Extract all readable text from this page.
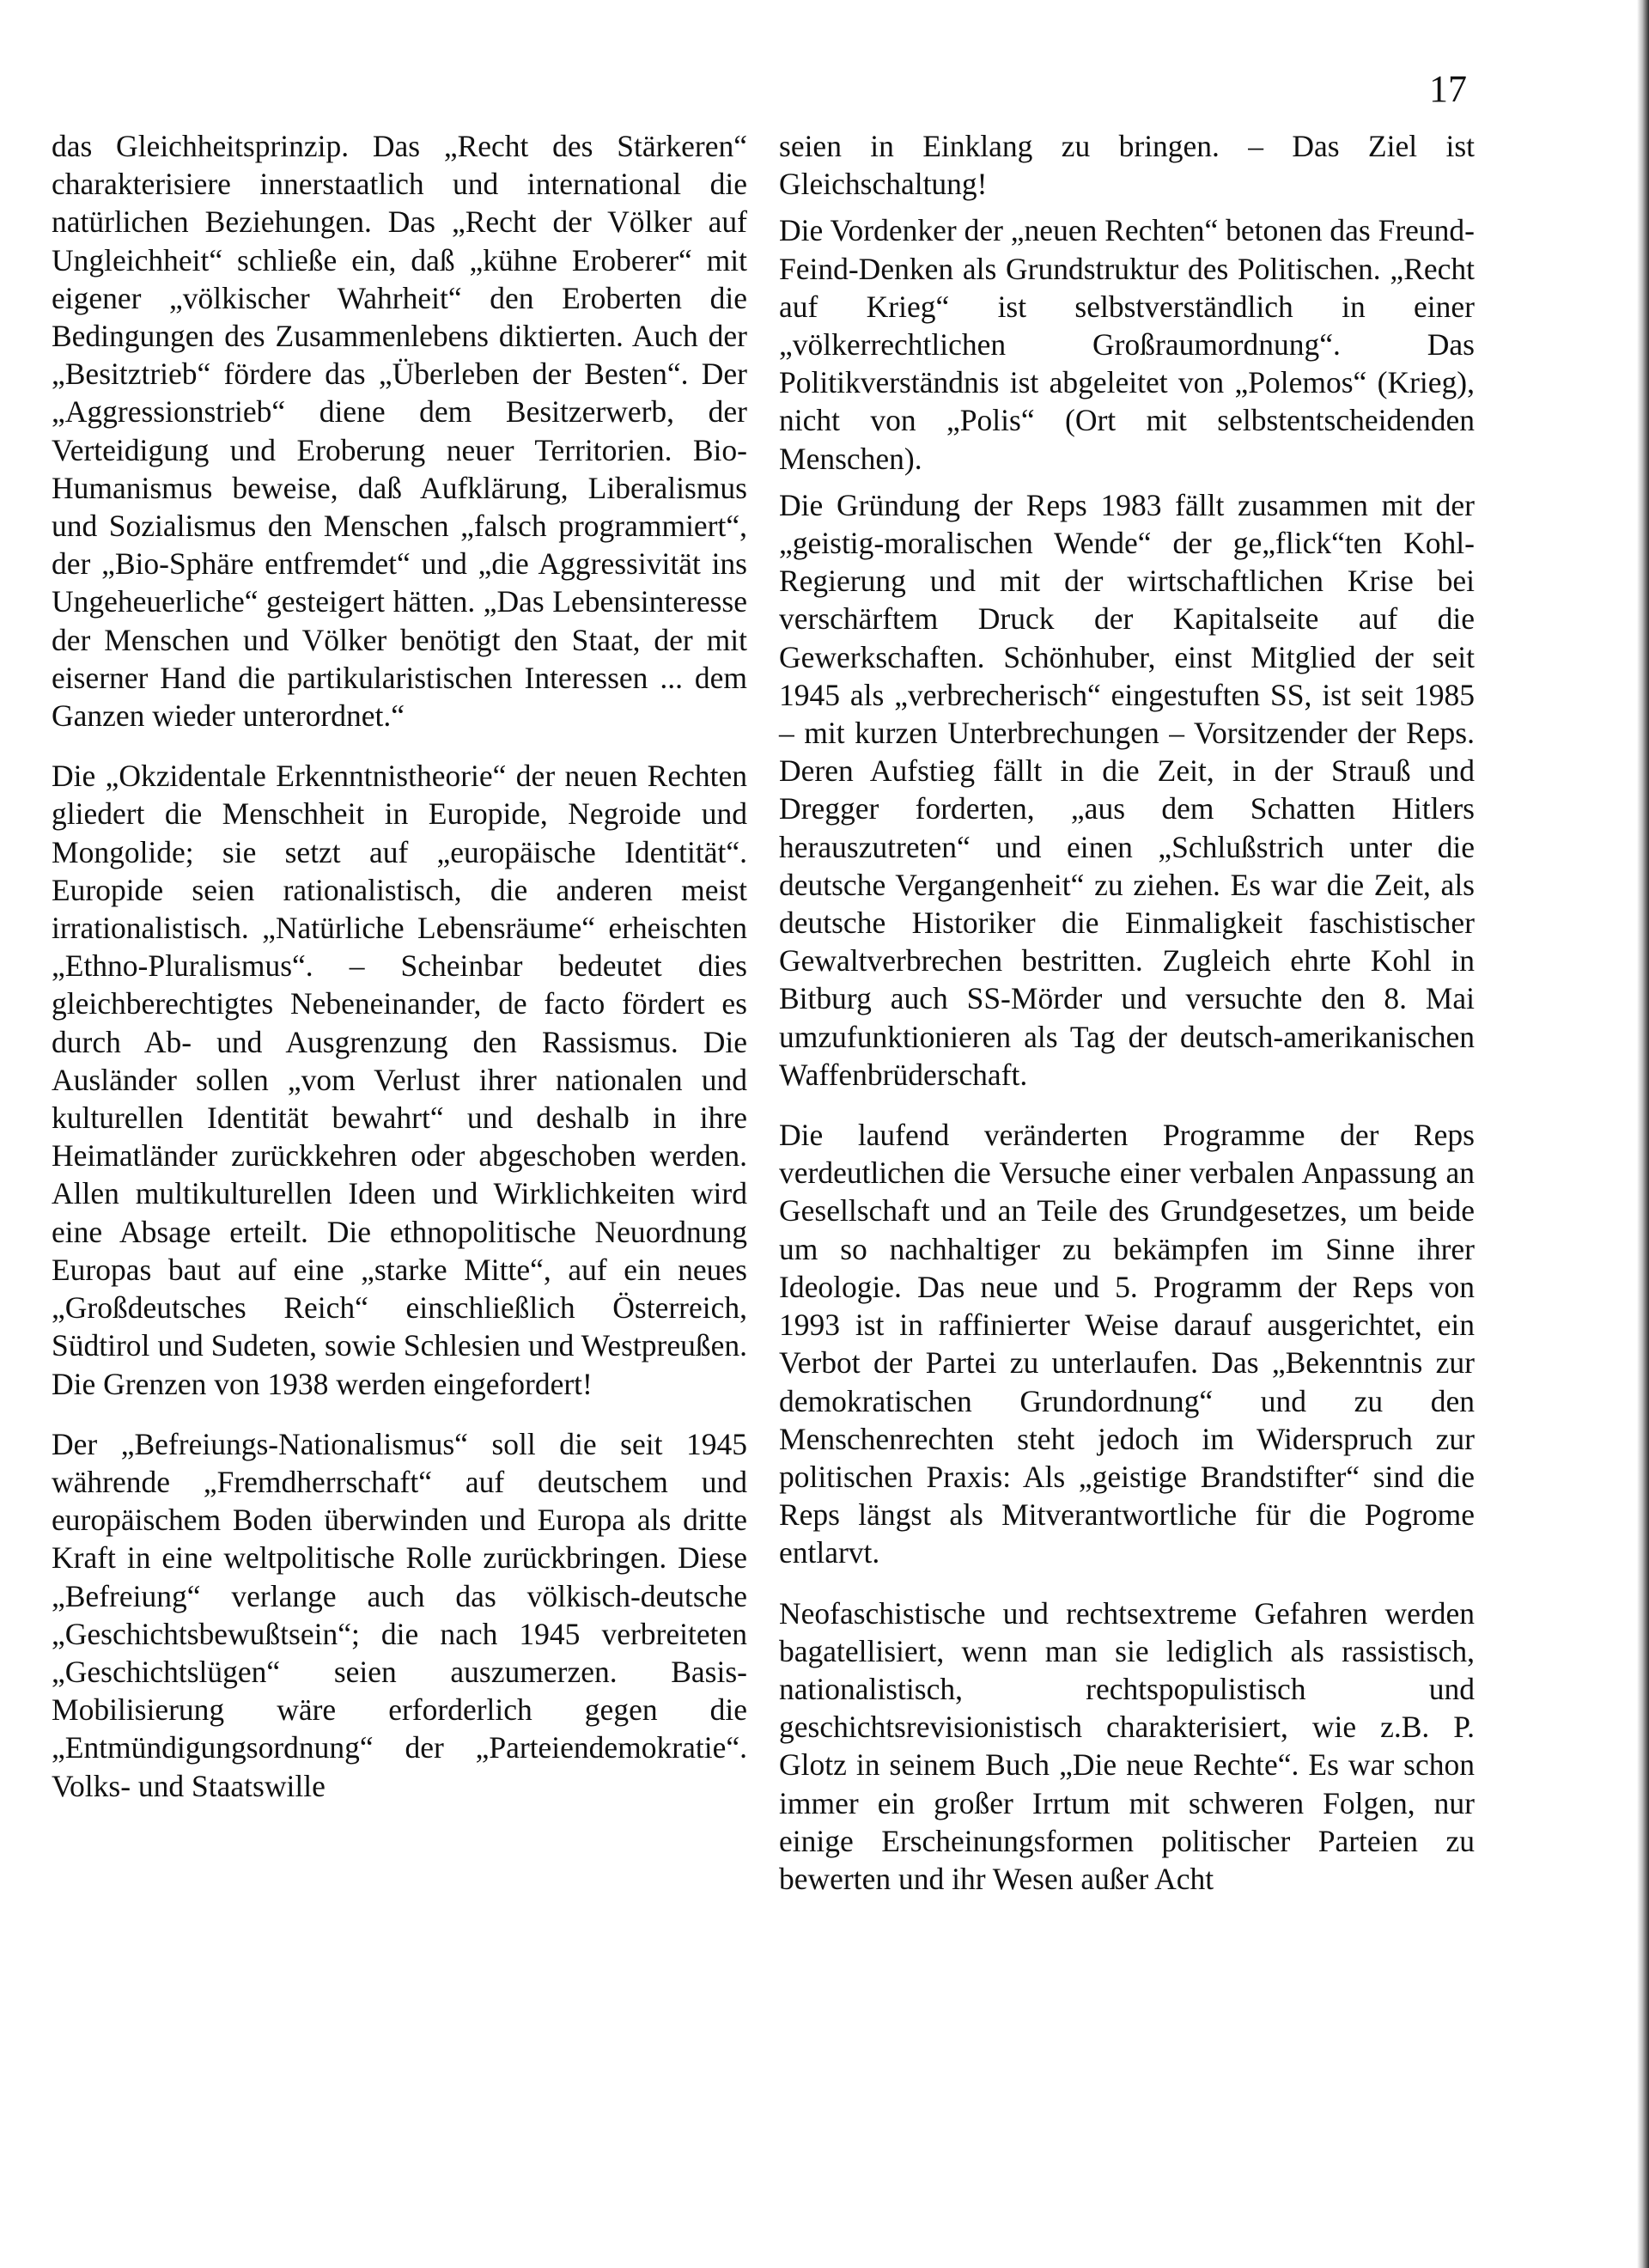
17

das Gleichheitsprinzip. Das „Recht des Stärkeren“ charakterisiere innerstaatlich und international die natürlichen Beziehungen. Das „Recht der Völker auf Ungleichheit“ schließe ein, daß „kühne Eroberer“ mit eigener „völkischer Wahrheit“ den Eroberten die Bedingungen des Zusammenlebens diktierten. Auch der „Besitztrieb“ fördere das „Überleben der Besten“. Der „Aggressionstrieb“ diene dem Besitzerwerb, der Verteidigung und Eroberung neuer Territorien. Bio-Humanismus beweise, daß Aufklärung, Liberalismus und Sozialismus den Menschen „falsch programmiert“, der „Bio-Sphäre entfremdet“ und „die Aggressivität ins Ungeheuerliche“ gesteigert hätten. „Das Lebensinteresse der Menschen und Völker benötigt den Staat, der mit eiserner Hand die partikularistischen Interessen ... dem Ganzen wieder unterordnet.“

Die „Okzidentale Erkenntnistheorie“ der neuen Rechten gliedert die Menschheit in Europide, Negroide und Mongolide; sie setzt auf „europäische Identität“. Europide seien rationalistisch, die anderen meist irrationalistisch. „Natürliche Lebensräume“ erheischten „Ethno-Pluralismus“. – Scheinbar bedeutet dies gleichberechtigtes Nebeneinander, de facto fördert es durch Ab- und Ausgrenzung den Rassismus. Die Ausländer sollen „vom Verlust ihrer nationalen und kulturellen Identität bewahrt“ und deshalb in ihre Heimatländer zurückkehren oder abgeschoben werden. Allen multikulturellen Ideen und Wirklichkeiten wird eine Absage erteilt. Die ethnopolitische Neuordnung Europas baut auf eine „starke Mitte“, auf ein neues „Großdeutsches Reich“ einschließlich Österreich, Südtirol und Sudeten, sowie Schlesien und Westpreußen. Die Grenzen von 1938 werden eingefordert!

Der „Befreiungs-Nationalismus“ soll die seit 1945 währende „Fremdherrschaft“ auf deutschem und europäischem Boden überwinden und Europa als dritte Kraft in eine weltpolitische Rolle zurückbringen. Diese „Befreiung“ verlange auch das völkisch-deutsche „Geschichtsbewußtsein“; die nach 1945 verbreiteten „Geschichtslügen“ seien auszumerzen. Basis-Mobilisierung wäre erforderlich gegen die „Entmündigungsordnung“ der „Parteiendemokratie“. Volks- und Staatswille

seien in Einklang zu bringen. – Das Ziel ist Gleichschaltung!

Die Vordenker der „neuen Rechten“ betonen das Freund-Feind-Denken als Grundstruktur des Politischen. „Recht auf Krieg“ ist selbstverständlich in einer „völkerrechtlichen Großraumordnung“. Das Politikverständnis ist abgeleitet von „Polemos“ (Krieg), nicht von „Polis“ (Ort mit selbstentscheidenden Menschen).

Die Gründung der Reps 1983 fällt zusammen mit der „geistig-moralischen Wende“ der ge„flick“ten Kohl-Regierung und mit der wirtschaftlichen Krise bei verschärftem Druck der Kapitalseite auf die Gewerkschaften. Schönhuber, einst Mitglied der seit 1945 als „verbrecherisch“ eingestuften SS, ist seit 1985 – mit kurzen Unterbrechungen – Vorsitzender der Reps. Deren Aufstieg fällt in die Zeit, in der Strauß und Dregger forderten, „aus dem Schatten Hitlers herauszutreten“ und einen „Schlußstrich unter die deutsche Vergangenheit“ zu ziehen. Es war die Zeit, als deutsche Historiker die Einmaligkeit faschistischer Gewaltverbrechen bestritten. Zugleich ehrte Kohl in Bitburg auch SS-Mörder und versuchte den 8. Mai umzufunktionieren als Tag der deutsch-amerikanischen Waffenbrüderschaft.

Die laufend veränderten Programme der Reps verdeutlichen die Versuche einer verbalen Anpassung an Gesellschaft und an Teile des Grundgesetzes, um beide um so nachhaltiger zu bekämpfen im Sinne ihrer Ideologie. Das neue und 5. Programm der Reps von 1993 ist in raffinierter Weise darauf ausgerichtet, ein Verbot der Partei zu unterlaufen. Das „Bekenntnis zur demokratischen Grundordnung“ und zu den Menschenrechten steht jedoch im Widerspruch zur politischen Praxis: Als „geistige Brandstifter“ sind die Reps längst als Mitverantwortliche für die Pogrome entlarvt.

Neofaschistische und rechtsextreme Gefahren werden bagatellisiert, wenn man sie lediglich als rassistisch, nationalistisch, rechtspopulistisch und geschichtsrevisionistisch charakterisiert, wie z.B. P. Glotz in seinem Buch „Die neue Rechte“. Es war schon immer ein großer Irrtum mit schweren Folgen, nur einige Erscheinungsformen politischer Parteien zu bewerten und ihr Wesen außer Acht
